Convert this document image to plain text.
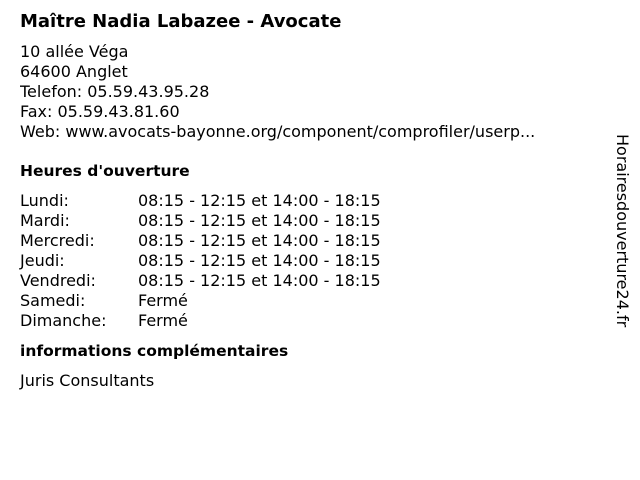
Maître Nadia Labazee - Avocate
10 allée Véga
64600 Anglet
Telefon: 05.59.43.95.28
Fax: 05.59.43.81.60
Web: www.avocats-bayonne.org/component/comprofiler/userp...
Heures d'ouverture
Lundi:	08:15 - 12:15 et 14:00 - 18:15
Mardi:	08:15 - 12:15 et 14:00 - 18:15
Mercredi:	08:15 - 12:15 et 14:00 - 18:15
Jeudi:	08:15 - 12:15 et 14:00 - 18:15
Vendredi:	08:15 - 12:15 et 14:00 - 18:15
Samedi:	Fermé
Dimanche:	Fermé
informations complémentaires
Juris Consultants
Horairesdouverture24.fr
